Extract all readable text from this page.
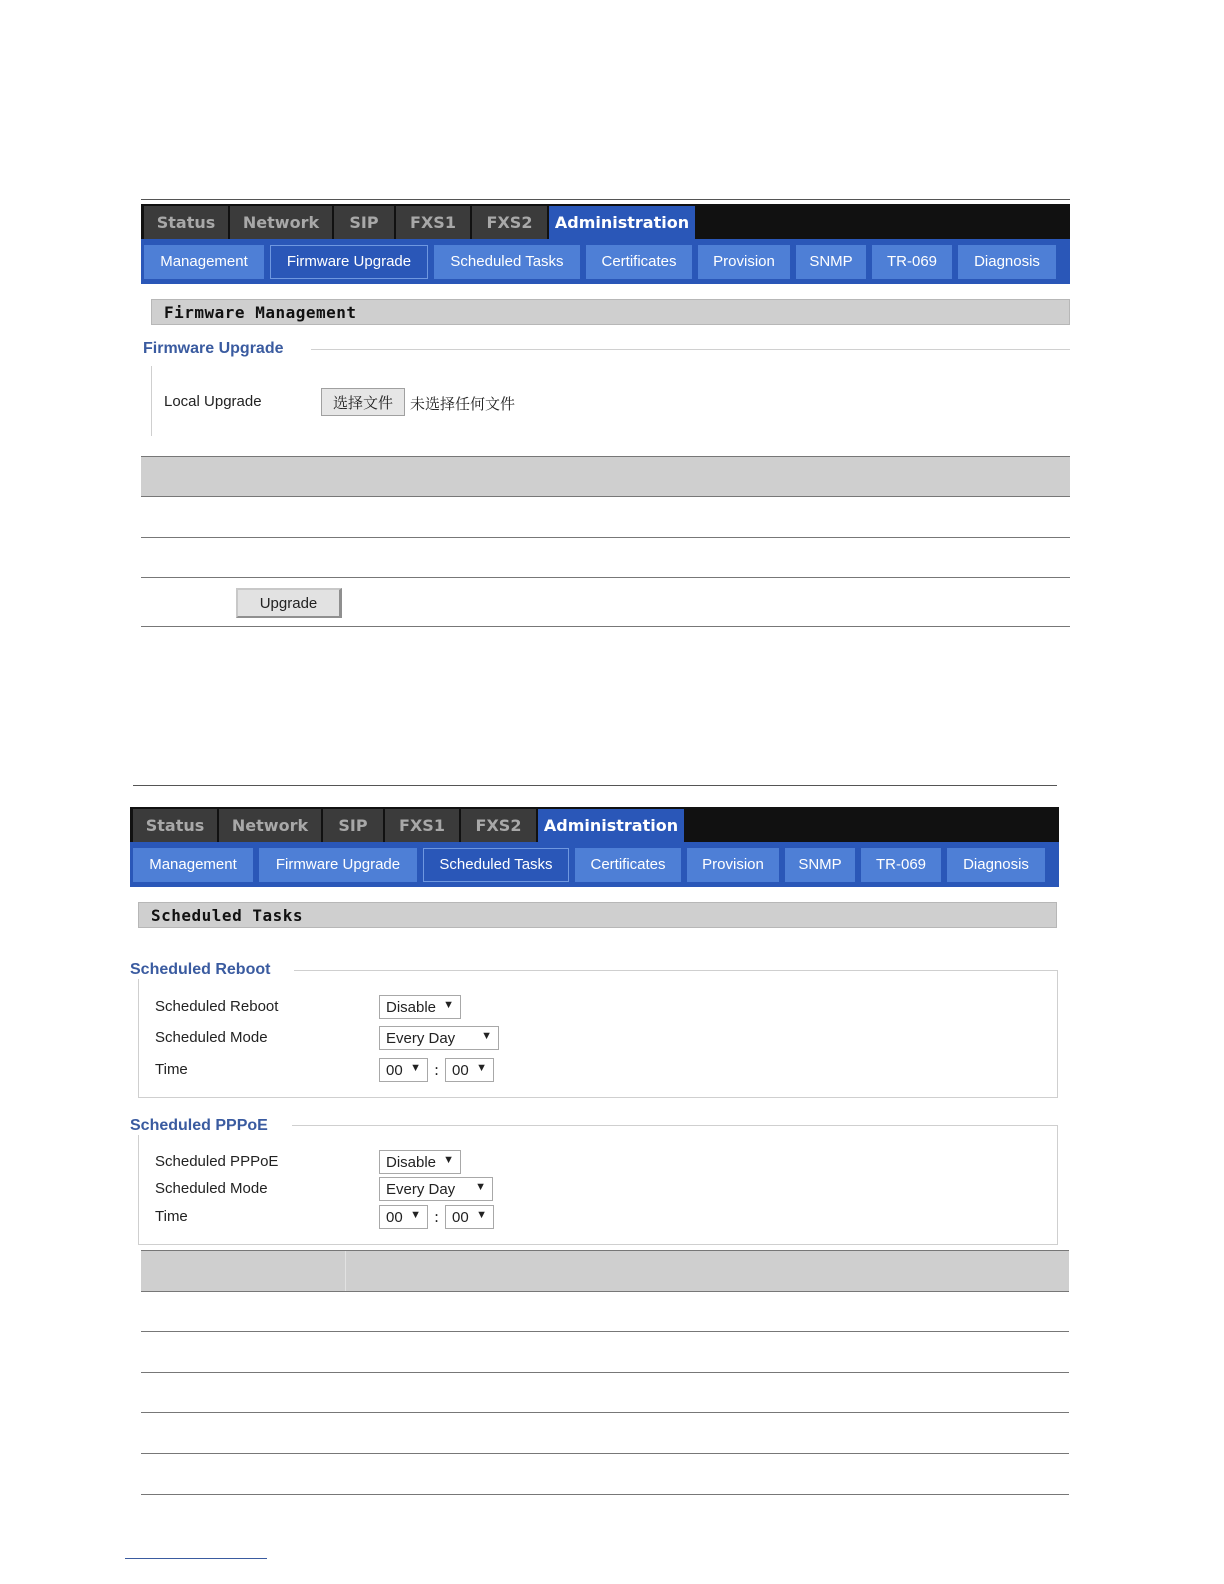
Status	Network	SIP	FXS1	FXS2	Administration
Management	Firmware Upgrade	Scheduled Tasks	Certificates	Provision	SNMP	TR-069	Diagnosis
Firmware Management
Firmware Upgrade
Local Upgrade	选择文件	未选择任何文件
Upgrade
Status	Network	SIP	FXS1	FXS2	Administration
Management	Firmware Upgrade	Scheduled Tasks	Certificates	Provision	SNMP	TR-069	Diagnosis
Scheduled Tasks
Scheduled Reboot
Scheduled Reboot	Disable ▼
Scheduled Mode	Every Day ▼
Time	00 ▼ : 00 ▼
Scheduled PPPoE
Scheduled PPPoE	Disable ▼
Scheduled Mode	Every Day ▼
Time	00 ▼ : 00 ▼
